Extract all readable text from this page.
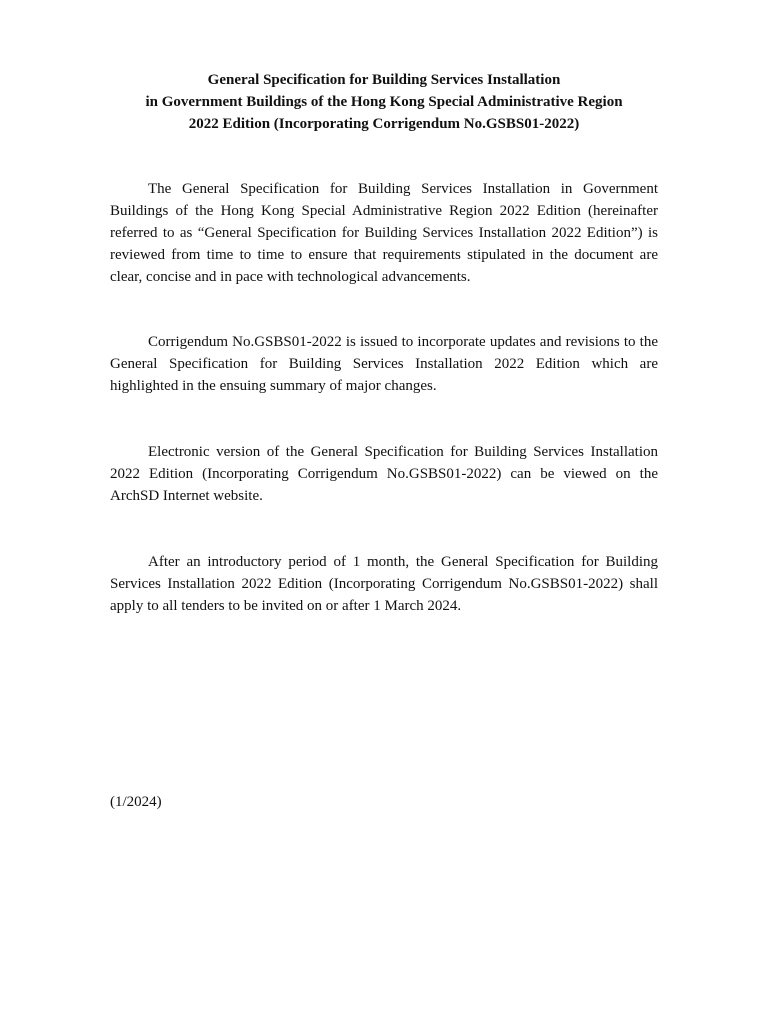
General Specification for Building Services Installation
in Government Buildings of the Hong Kong Special Administrative Region
2022 Edition (Incorporating Corrigendum No.GSBS01-2022)

The General Specification for Building Services Installation in Government Buildings of the Hong Kong Special Administrative Region 2022 Edition (hereinafter referred to as “General Specification for Building Services Installation 2022 Edition”) is reviewed from time to time to ensure that requirements stipulated in the document are clear, concise and in pace with technological advancements.

Corrigendum No.GSBS01-2022 is issued to incorporate updates and revisions to the General Specification for Building Services Installation 2022 Edition which are highlighted in the ensuing summary of major changes.

Electronic version of the General Specification for Building Services Installation 2022 Edition (Incorporating Corrigendum No.GSBS01-2022) can be viewed on the ArchSD Internet website.

After an introductory period of 1 month, the General Specification for Building Services Installation 2022 Edition (Incorporating Corrigendum No.GSBS01-2022) shall apply to all tenders to be invited on or after 1 March 2024.

(1/2024)
